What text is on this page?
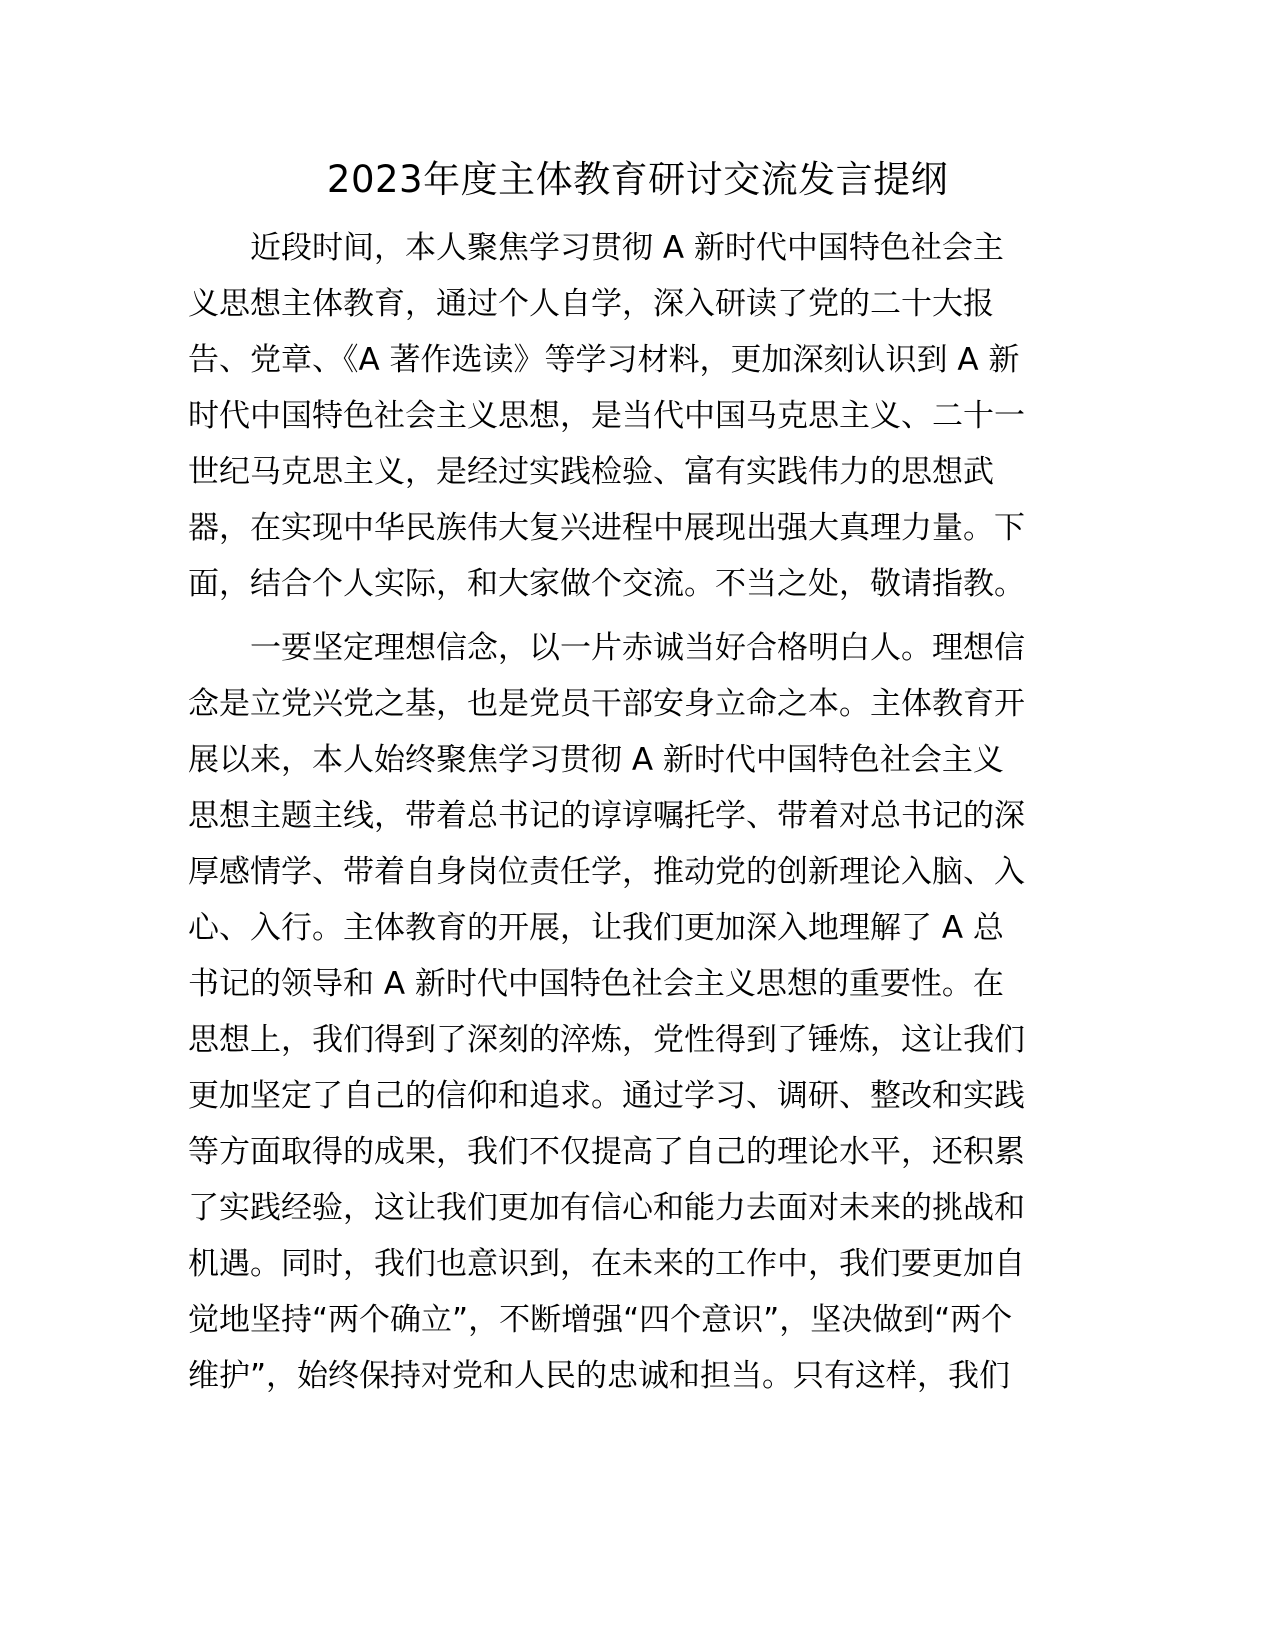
2023年度主体教育研讨交流发言提纲
　　近段时间，本人聚焦学习贯彻 A 新时代中国特色社会主
义思想主体教育，通过个人自学，深入研读了党的二十大报
告、党章、《A 著作选读》等学习材料，更加深刻认识到 A 新
时代中国特色社会主义思想，是当代中国马克思主义、二十一
世纪马克思主义，是经过实践检验、富有实践伟力的思想武
器，在实现中华民族伟大复兴进程中展现出强大真理力量。下
面，结合个人实际，和大家做个交流。不当之处，敬请指教。
　　一要坚定理想信念，以一片赤诚当好合格明白人。理想信
念是立党兴党之基，也是党员干部安身立命之本。主体教育开
展以来，本人始终聚焦学习贯彻 A 新时代中国特色社会主义
思想主题主线，带着总书记的谆谆嘱托学、带着对总书记的深
厚感情学、带着自身岗位责任学，推动党的创新理论入脑、入
心、入行。主体教育的开展，让我们更加深入地理解了 A 总
书记的领导和 A 新时代中国特色社会主义思想的重要性。在
思想上，我们得到了深刻的淬炼，党性得到了锤炼，这让我们
更加坚定了自己的信仰和追求。通过学习、调研、整改和实践
等方面取得的成果，我们不仅提高了自己的理论水平，还积累
了实践经验，这让我们更加有信心和能力去面对未来的挑战和
机遇。同时，我们也意识到，在未来的工作中，我们要更加自
觉地坚持“两个确立”，不断增强“四个意识”，坚决做到“两个
维护”，始终保持对党和人民的忠诚和担当。只有这样，我们
